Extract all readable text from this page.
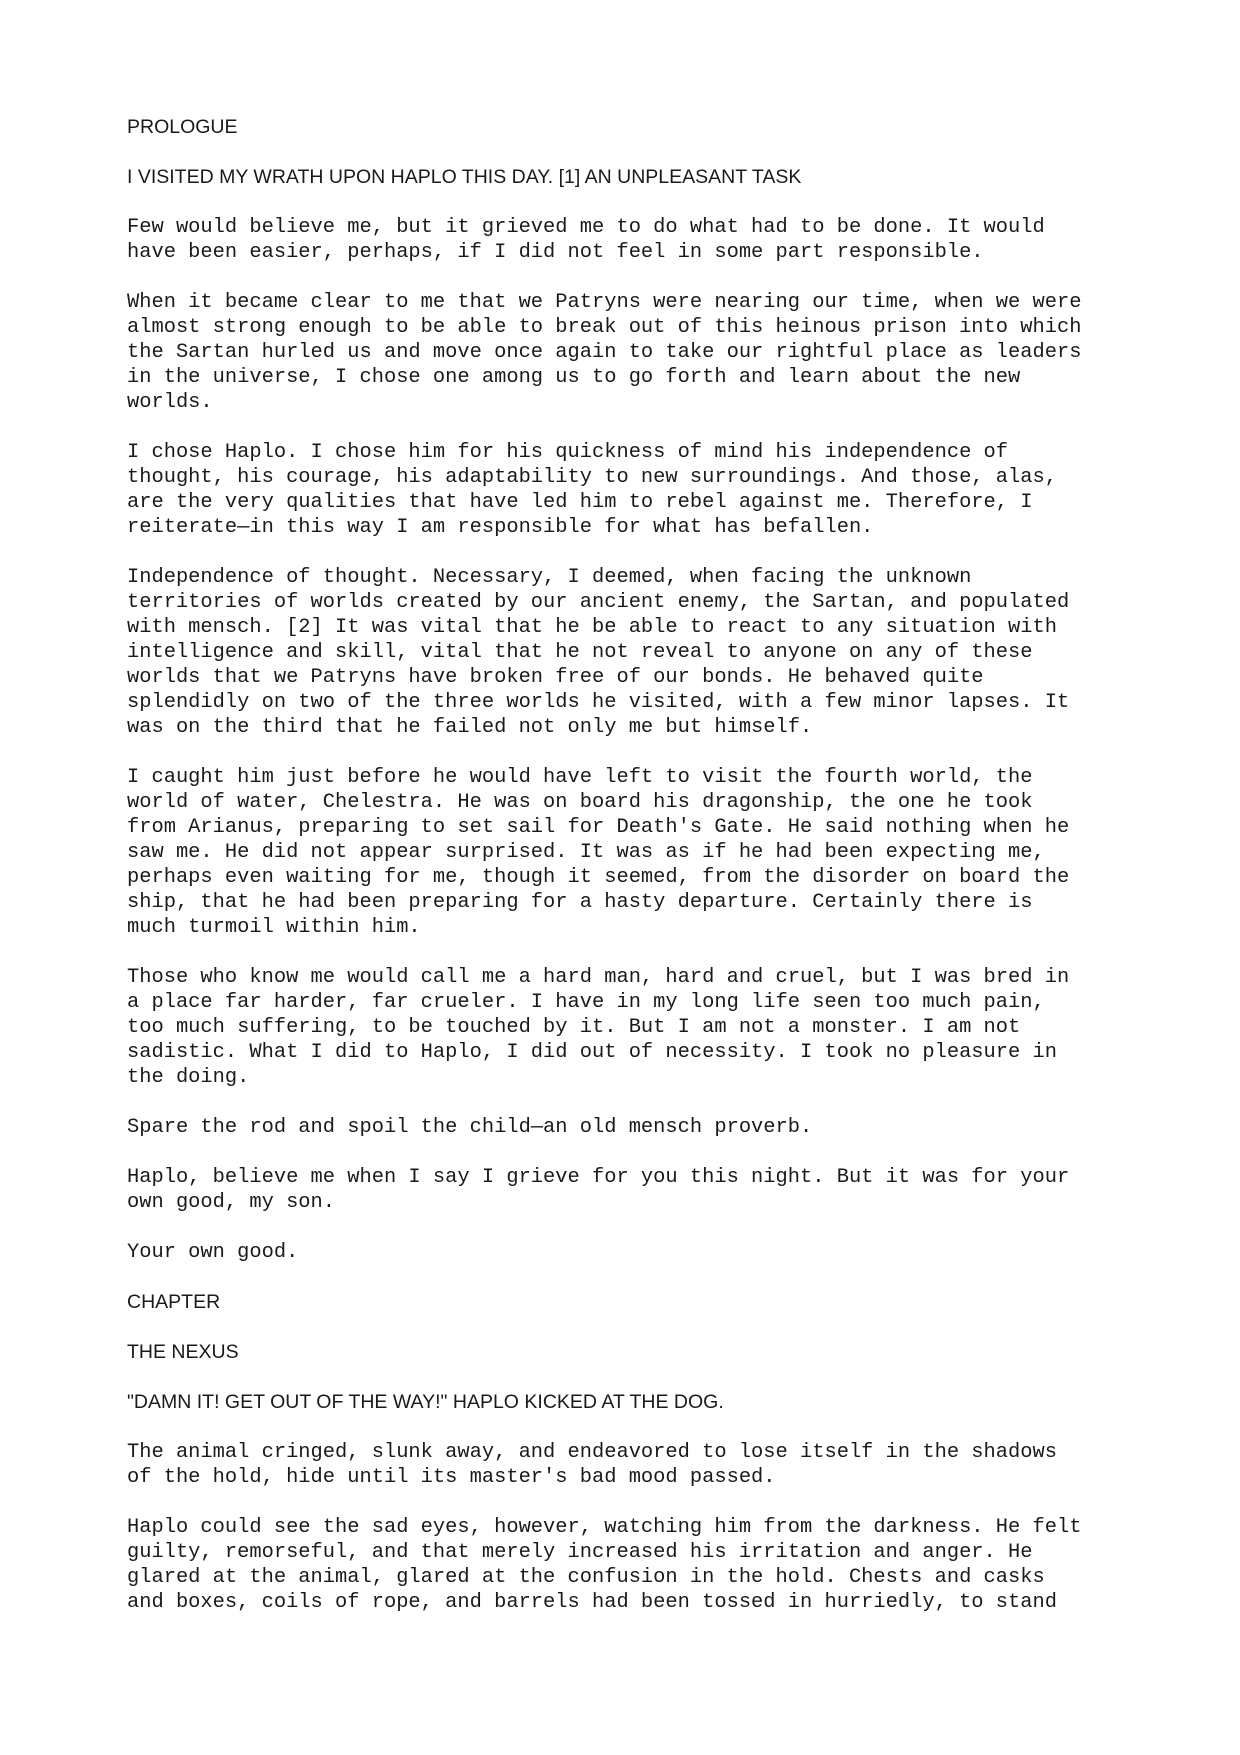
PROLOGUE
I VISITED MY WRATH UPON HAPLO THIS DAY. [1] AN UNPLEASANT TASK
Few would believe me, but it grieved me to do what had to be done. It would
have been easier, perhaps, if I did not feel in some part responsible.
When it became clear to me that we Patryns were nearing our time, when we were
almost strong enough to be able to break out of this heinous prison into which
the Sartan hurled us and move once again to take our rightful place as leaders
in the universe, I chose one among us to go forth and learn about the new
worlds.
I chose Haplo. I chose him for his quickness of mind his independence of
thought, his courage, his adaptability to new surroundings. And those, alas,
are the very qualities that have led him to rebel against me. Therefore, I
reiterate—in this way I am responsible for what has befallen.
Independence of thought. Necessary, I deemed, when facing the unknown
territories of worlds created by our ancient enemy, the Sartan, and populated
with mensch. [2] It was vital that he be able to react to any situation with
intelligence and skill, vital that he not reveal to anyone on any of these
worlds that we Patryns have broken free of our bonds. He behaved quite
splendidly on two of the three worlds he visited, with a few minor lapses. It
was on the third that he failed not only me but himself.
I caught him just before he would have left to visit the fourth world, the
world of water, Chelestra. He was on board his dragonship, the one he took
from Arianus, preparing to set sail for Death's Gate. He said nothing when he
saw me. He did not appear surprised. It was as if he had been expecting me,
perhaps even waiting for me, though it seemed, from the disorder on board the
ship, that he had been preparing for a hasty departure. Certainly there is
much turmoil within him.
Those who know me would call me a hard man, hard and cruel, but I was bred in
a place far harder, far crueler. I have in my long life seen too much pain,
too much suffering, to be touched by it. But I am not a monster. I am not
sadistic. What I did to Haplo, I did out of necessity. I took no pleasure in
the doing.
Spare the rod and spoil the child—an old mensch proverb.
Haplo, believe me when I say I grieve for you this night. But it was for your
own good, my son.
Your own good.
CHAPTER
THE NEXUS
"DAMN IT! GET OUT OF THE WAY!" HAPLO KICKED AT THE DOG.
The animal cringed, slunk away, and endeavored to lose itself in the shadows
of the hold, hide until its master's bad mood passed.
Haplo could see the sad eyes, however, watching him from the darkness. He felt
guilty, remorseful, and that merely increased his irritation and anger. He
glared at the animal, glared at the confusion in the hold. Chests and casks
and boxes, coils of rope, and barrels had been tossed in hurriedly, to stand
